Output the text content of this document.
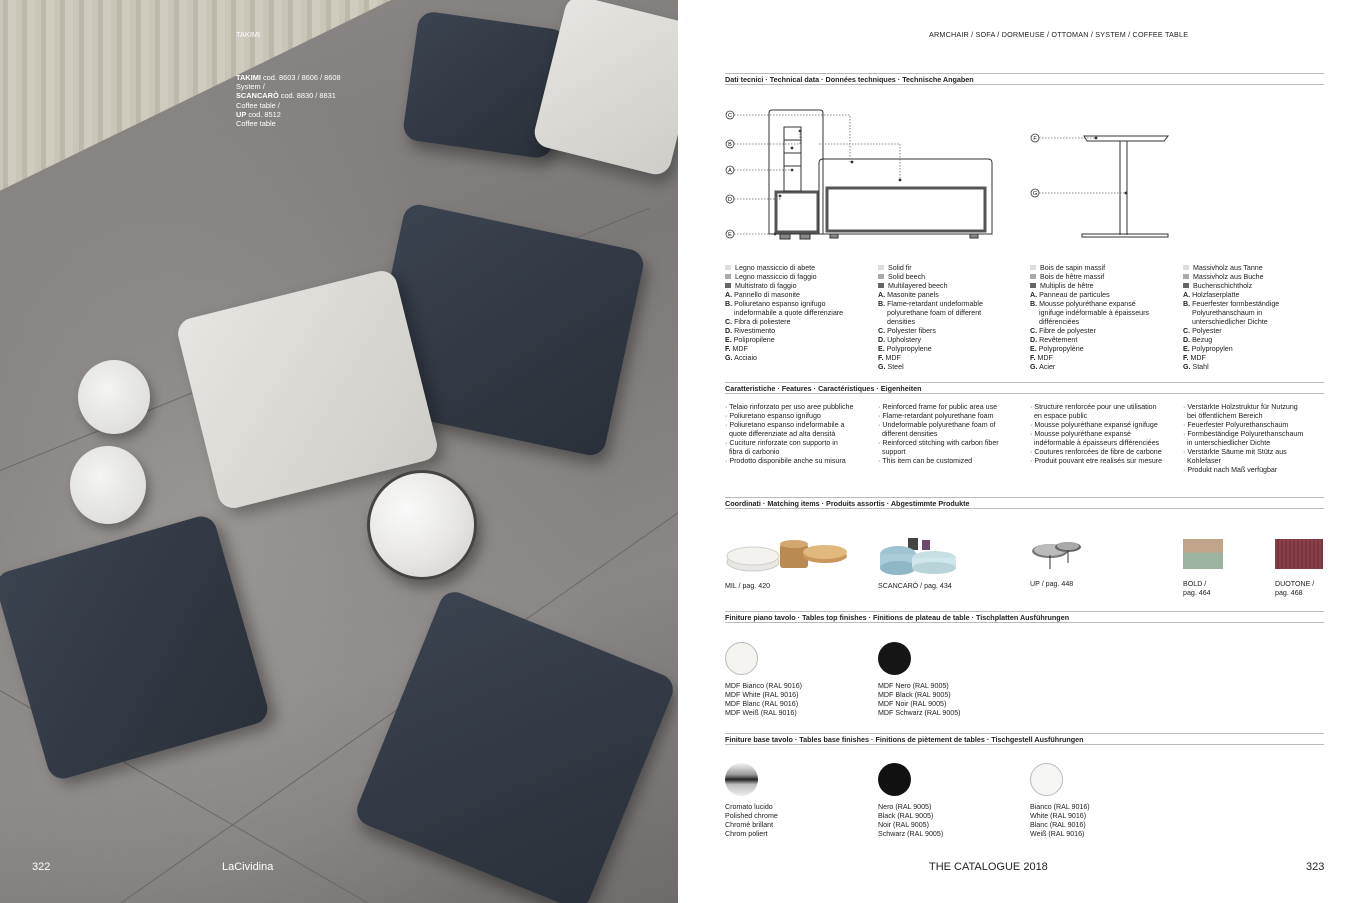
TAKIMI
TAKIMI cod. 8603 / 8606 / 8608
System /
SCANCARÒ cod. 8830 / 8831
Coffee table /
UP cod. 8512
Coffee table
322	LaCividina
ARMCHAIR / SOFA / DORMEUSE / OTTOMAN / SYSTEM / COFFEE TABLE
Dati tecnici · Technical data · Données techniques · Technische Angaben
C
B
A
D
E
F
G
Legno massiccio di abete
Legno massiccio di faggio
Multistrato di faggio
A. Pannello di masonite
B. Poliuretano espanso ignifugo
indeformabile a quote differenziare
C. Fibra di poliestere
D. Rivestimento
E. Polipropilene
F. MDF
G. Acciaio
Solid fir
Solid beech
Multilayered beech
A. Masonite panels
B. Flame-retardant undeformable
polyurethane foam of different
densities
C. Polyester fibers
D. Upholstery
E. Polypropylene
F. MDF
G. Steel
Bois de sapin massif
Bois de hêtre massif
Multiplis de hêtre
A. Panneau de particules
B. Mousse polyuréthane expansé
ignifuge indéformable à épaisseurs
différenciées
C. Fibre de polyester
D. Revêtement
E. Polypropylène
F. MDF
G. Acier
Massivholz aus Tanne
Massivholz aus Buche
Buchenschichtholz
A. Holzfaserplatte
B. Feuerfester formbeständige
Polyurethanschaum in
unterschiedlicher Dichte
C. Polyester
D. Bezug
E. Polypropylen
F. MDF
G. Stahl
Caratteristiche · Features · Caractéristiques · Eigenheiten
· Telaio rinforzato per uso aree pubbliche
· Poliuretano espanso ignifugo
· Poliuretano espanso indeformabile a
quote differenziate ad alta densità
· Cuciture rinforzate con supporto in
fibra di carbonio
· Prodotto disponibile anche su misura
· Reinforced frame for public area use
· Flame-retardant polyurethane foam
· Undeformable polyurethane foam of
different densities
· Reinforced stitching with carbon fiber
support
· This item can be customized
· Structure renforcée pour une utilisation
en espace public
· Mousse polyuréthane expansé ignifuge
· Mousse polyuréthane expansé
indéformable à épaisseurs différenciées
· Coutures renforcées de fibre de carbone
· Produit pouvant etre realisés sur mesure
· Verstärkte Holzstruktur für Nutzung
bei öffentlichem Bereich
· Feuerfester Polyurethanschaum
· Formbeständige Polyurethanschaum
in unterschiedlicher Dichte
· Verstärkte Säume mit Stütz aus
Kohlefaser
· Produkt nach Maß verfügbar
Coordinati · Matching items · Produits assortis · Abgestimmte Produkte
MIL / pag. 420	SCANCARÒ / pag. 434	UP / pag. 448	BOLD /
pag. 464
DUOTONE /
pag. 468
Finiture piano tavolo · Tables top finishes · Finitions de plateau de table · Tischplatten Ausführungen
MDF Bianco (RAL 9016)
MDF White (RAL 9016)
MDF Blanc (RAL 9016)
MDF Weiß (RAL 9016)
MDF Nero (RAL 9005)
MDF Black (RAL 9005)
MDF Noir (RAL 9005)
MDF Schwarz (RAL 9005)
Finiture base tavolo · Tables base finishes · Finitions de piètement de tables · Tischgestell Ausführungen
Cromato lucido
Polished chrome
Chromé brillant
Chrom poliert
Nero (RAL 9005)
Black (RAL 9005)
Noir (RAL 9005)
Schwarz (RAL 9005)
Bianco (RAL 9016)
White (RAL 9016)
Blanc (RAL 9016)
Weiß (RAL 9016)
THE CATALOGUE 2018	323
